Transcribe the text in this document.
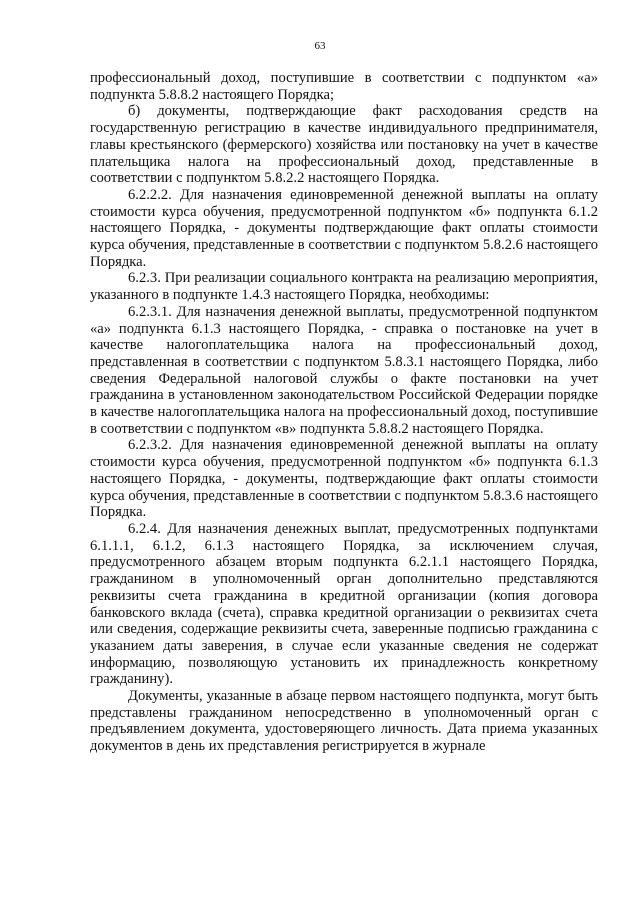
63

профессиональный доход, поступившие в соответствии с подпунктом «а» подпункта 5.8.8.2 настоящего Порядка;

б) документы, подтверждающие факт расходования средств на государственную регистрацию в качестве индивидуального предпринимателя, главы крестьянского (фермерского) хозяйства или постановку на учет в качестве плательщика налога на профессиональный доход, представленные в соответствии с подпунктом 5.8.2.2 настоящего Порядка.

6.2.2.2. Для назначения единовременной денежной выплаты на оплату стоимости курса обучения, предусмотренной подпунктом «б» подпункта 6.1.2 настоящего Порядка, - документы подтверждающие факт оплаты стоимости курса обучения, представленные в соответствии с подпунктом 5.8.2.6 настоящего Порядка.

6.2.3. При реализации социального контракта на реализацию мероприятия, указанного в подпункте 1.4.3 настоящего Порядка, необходимы:

6.2.3.1. Для назначения денежной выплаты, предусмотренной подпунктом «а» подпункта 6.1.3 настоящего Порядка, - справка о постановке на учет в качестве налогоплательщика налога на профессиональный доход, представленная в соответствии с подпунктом 5.8.3.1 настоящего Порядка, либо сведения Федеральной налоговой службы о факте постановки на учет гражданина в установленном законодательством Российской Федерации порядке в качестве налогоплательщика налога на профессиональный доход, поступившие в соответствии с подпунктом «в» подпункта 5.8.8.2 настоящего Порядка.

6.2.3.2. Для назначения единовременной денежной выплаты на оплату стоимости курса обучения, предусмотренной подпунктом «б» подпункта 6.1.3 настоящего Порядка, - документы, подтверждающие факт оплаты стоимости курса обучения, представленные в соответствии с подпунктом 5.8.3.6 настоящего Порядка.

6.2.4. Для назначения денежных выплат, предусмотренных подпунктами 6.1.1.1, 6.1.2, 6.1.3 настоящего Порядка, за исключением случая, предусмотренного абзацем вторым подпункта 6.2.1.1 настоящего Порядка, гражданином в уполномоченный орган дополнительно представляются реквизиты счета гражданина в кредитной организации (копия договора банковского вклада (счета), справка кредитной организации о реквизитах счета или сведения, содержащие реквизиты счета, заверенные подписью гражданина с указанием даты заверения, в случае если указанные сведения не содержат информацию, позволяющую установить их принадлежность конкретному гражданину).

Документы, указанные в абзаце первом настоящего подпункта, могут быть представлены гражданином непосредственно в уполномоченный орган с предъявлением документа, удостоверяющего личность. Дата приема указанных документов в день их представления регистрируется в журнале
